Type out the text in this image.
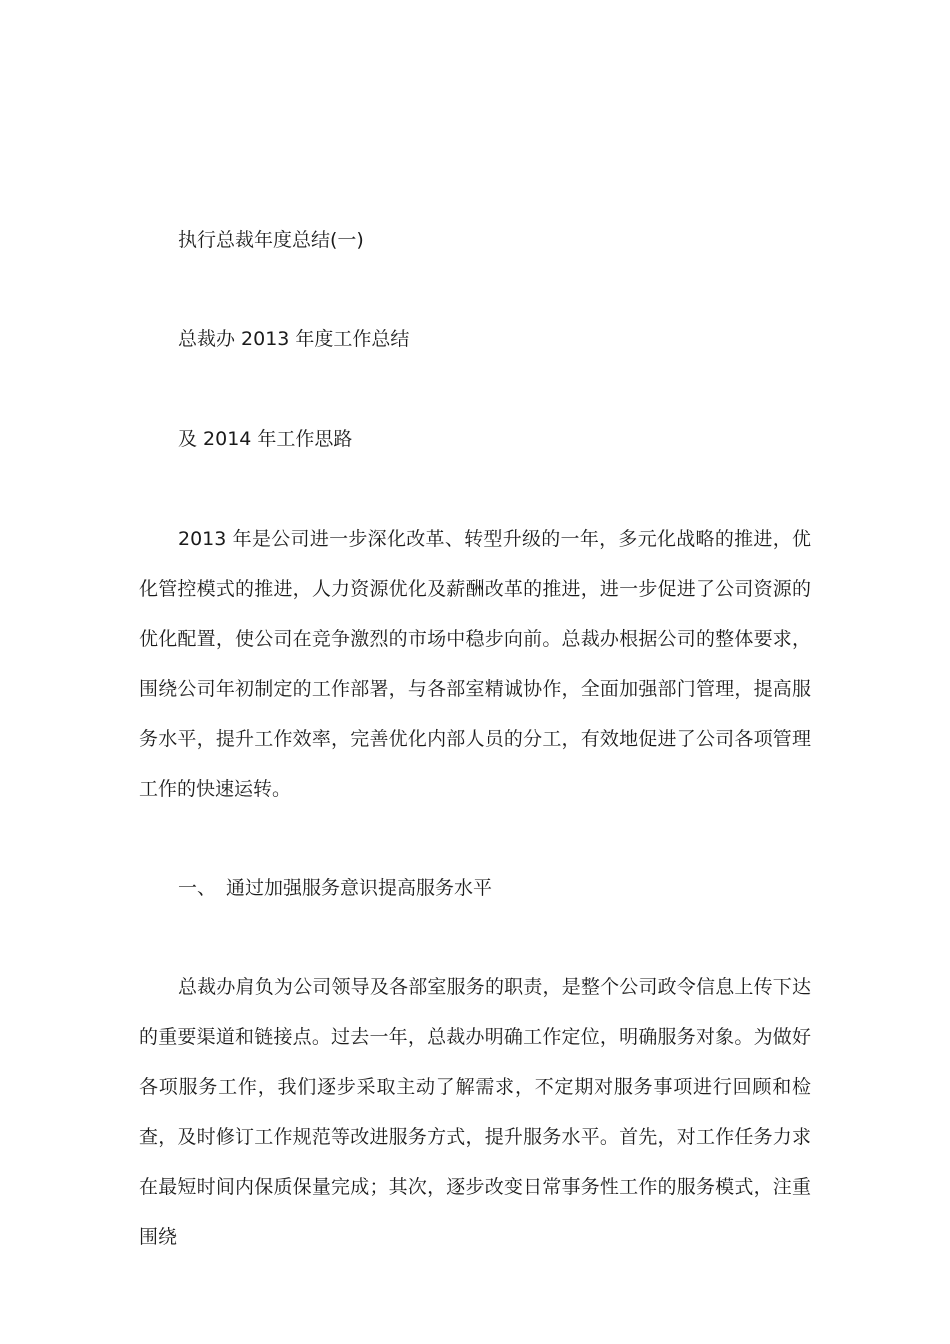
执行总裁年度总结(一)
总裁办 2013 年度工作总结
及 2014 年工作思路

2013 年是公司进一步深化改革、转型升级的一年，多元化战略的推进，优化管控模式的推进，人力资源优化及薪酬改革的推进，进一步促进了公司资源的优化配置，使公司在竞争激烈的市场中稳步向前。总裁办根据公司的整体要求，围绕公司年初制定的工作部署，与各部室精诚协作，全面加强部门管理，提高服务水平，提升工作效率，完善优化内部人员的分工，有效地促进了公司各项管理工作的快速运转。

一、 通过加强服务意识提高服务水平

总裁办肩负为公司领导及各部室服务的职责，是整个公司政令信息上传下达的重要渠道和链接点。过去一年，总裁办明确工作定位，明确服务对象。为做好各项服务工作，我们逐步采取主动了解需求，不定期对服务事项进行回顾和检查，及时修订工作规范等改进服务方式，提升服务水平。首先，对工作任务力求在最短时间内保质保量完成；其次，逐步改变日常事务性工作的服务模式，注重围绕
